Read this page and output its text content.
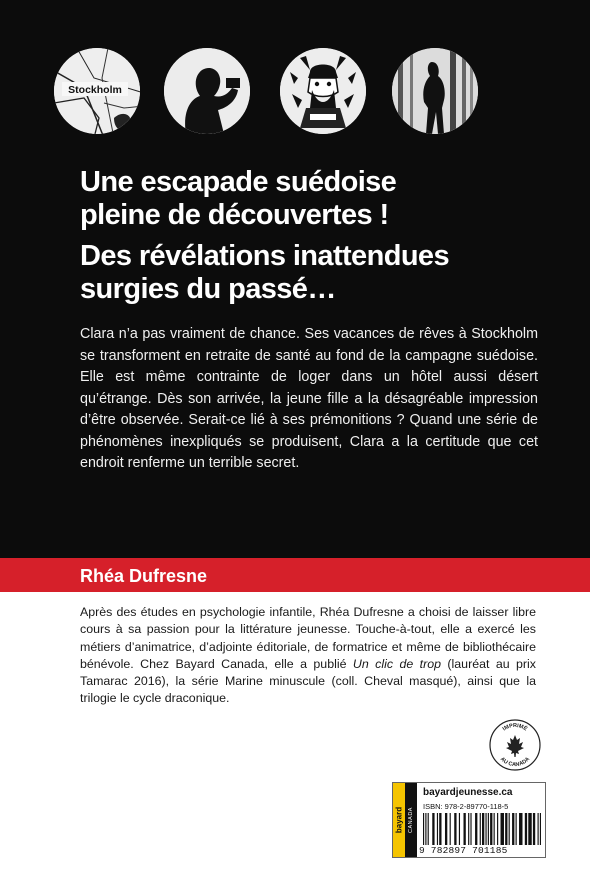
Stockholm
Une escapade suédoise
pleine de découvertes !
Des révélations inattendues
surgies du passé…

Clara n’a pas vraiment de chance. Ses vacances de rêves à Stockholm se transforment en retraite de santé au fond de la campagne suédoise. Elle est même contrainte de loger dans un hôtel aussi désert qu’étrange. Dès son arrivée, la jeune fille a la désagréable impression d’être observée. Serait-ce lié à ses prémonitions ? Quand une série de phénomènes inexpliqués se produisent, Clara a la certitude que cet endroit renferme un terrible secret.

Rhéa Dufresne

Après des études en psychologie infantile, Rhéa Dufresne a choisi de laisser libre cours à sa passion pour la littérature jeunesse. Touche-à-tout, elle a exercé les métiers d’animatrice, d’adjointe éditoriale, de formatrice et même de bibliothécaire bénévole. Chez Bayard Canada, elle a publié Un clic de trop (lauréat au prix Tamarac 2016), la série Marine minuscule (coll. Cheval masqué), ainsi que la trilogie le cycle draconique.

IMPRIMÉ
AU CANADA
bayard CANADA
bayardjeunesse.ca
ISBN: 978-2-89770-118-5
9 782897 701185
